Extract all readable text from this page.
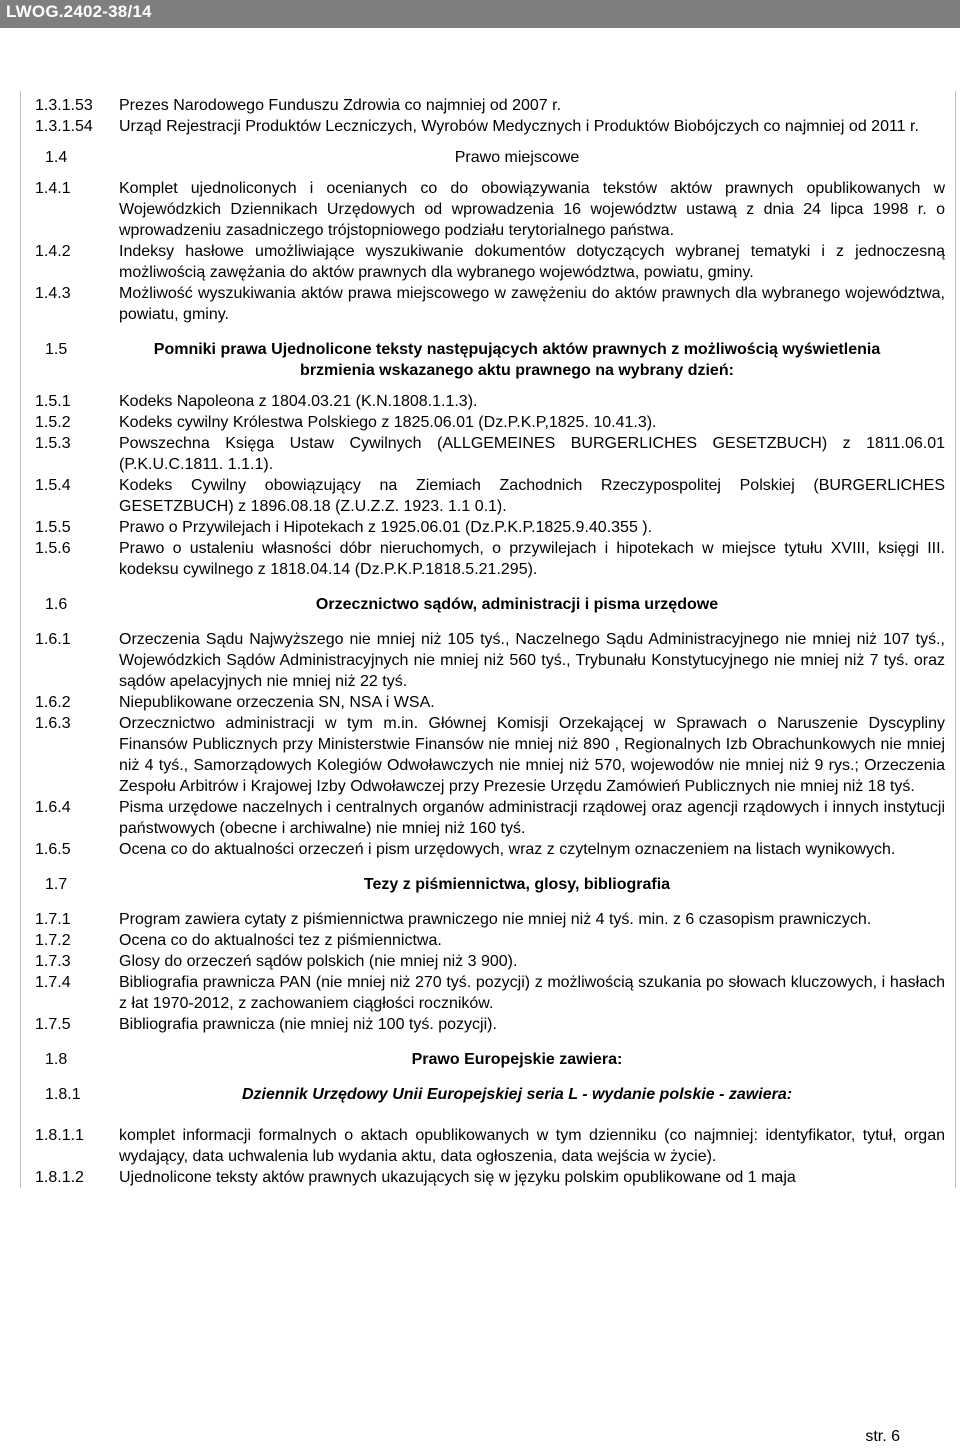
LWOG.2402-38/14
1.3.1.53	Prezes Narodowego Funduszu Zdrowia co najmniej od 2007 r.
1.3.1.54	Urząd Rejestracji Produktów Leczniczych, Wyrobów Medycznych i Produktów Biobójczych co najmniej od 2011 r.
1.4	Prawo miejscowe
1.4.1	Komplet ujednoliconych i ocenianych co do obowiązywania tekstów aktów prawnych opublikowanych w Wojewódzkich Dziennikach Urzędowych od wprowadzenia 16 województw ustawą z dnia 24 lipca 1998 r. o wprowadzeniu zasadniczego trójstopniowego podziału terytorialnego państwa.
1.4.2	Indeksy hasłowe umożliwiające wyszukiwanie dokumentów dotyczących wybranej tematyki i z jednoczesną możliwością zawężania do aktów prawnych dla wybranego województwa, powiatu, gminy.
1.4.3	Możliwość wyszukiwania aktów prawa miejscowego w zawężeniu do aktów prawnych dla wybranego województwa, powiatu, gminy.
1.5	Pomniki prawa Ujednolicone teksty następujących aktów prawnych z możliwością wyświetlenia brzmienia wskazanego aktu prawnego na wybrany dzień:
1.5.1	Kodeks Napoleona z 1804.03.21 (K.N.1808.1.1.3).
1.5.2	Kodeks cywilny Królestwa Polskiego z 1825.06.01 (Dz.P.K.P,1825. 10.41.3).
1.5.3	Powszechna Księga Ustaw Cywilnych (ALLGEMEINES BURGERLICHES GESETZBUCH) z 1811.06.01 (P.K.U.C.1811. 1.1.1).
1.5.4	Kodeks Cywilny obowiązujący na Ziemiach Zachodnich Rzeczypospolitej Polskiej (BURGERLICHES GESETZBUCH) z 1896.08.18 (Z.U.Z.Z. 1923. 1.1 0.1).
1.5.5	Prawo o Przywilejach i Hipotekach z 1925.06.01 (Dz.P.K.P.1825.9.40.355 ).
1.5.6	Prawo o ustaleniu własności dóbr nieruchomych, o przywilejach i hipotekach w miejsce tytułu XVIII, księgi III. kodeksu cywilnego z 1818.04.14 (Dz.P.K.P.1818.5.21.295).
1.6	Orzecznictwo sądów, administracji i pisma urzędowe
1.6.1	Orzeczenia Sądu Najwyższego nie mniej niż 105 tyś., Naczelnego Sądu Administracyjnego nie mniej niż 107 tyś., Wojewódzkich Sądów Administracyjnych nie mniej niż 560 tyś., Trybunału Konstytucyjnego nie mniej niż 7 tyś. oraz sądów apelacyjnych nie mniej niż 22 tyś.
1.6.2	Niepublikowane orzeczenia SN, NSA i WSA.
1.6.3	Orzecznictwo administracji w tym m.in. Głównej Komisji Orzekającej w Sprawach o Naruszenie Dyscypliny Finansów Publicznych przy Ministerstwie Finansów nie mniej niż 890 , Regionalnych Izb Obrachunkowych nie mniej niż 4 tyś., Samorządowych Kolegiów Odwoławczych nie mniej niż 570, wojewodów nie mniej niż 9 rys.; Orzeczenia Zespołu Arbitrów i Krajowej Izby Odwoławczej przy Prezesie Urzędu Zamówień Publicznych nie mniej niż 18 tyś.
1.6.4	Pisma urzędowe naczelnych i centralnych organów administracji rządowej oraz agencji rządowych i innych instytucji państwowych (obecne i archiwalne) nie mniej niż 160 tyś.
1.6.5	Ocena co do aktualności orzeczeń i pism urzędowych, wraz z czytelnym oznaczeniem na listach wynikowych.
1.7	Tezy z piśmiennictwa, glosy, bibliografia
1.7.1	Program zawiera cytaty z piśmiennictwa prawniczego nie mniej niż 4 tyś. min. z 6 czasopism prawniczych.
1.7.2	Ocena co do aktualności tez z piśmiennictwa.
1.7.3	Glosy do orzeczeń sądów polskich (nie mniej niż 3 900).
1.7.4	Bibliografia prawnicza PAN (nie mniej niż 270 tyś. pozycji) z możliwością szukania po słowach kluczowych, i hasłach z łat 1970-2012, z zachowaniem ciągłości roczników.
1.7.5	Bibliografia prawnicza (nie mniej niż 100 tyś. pozycji).
1.8	Prawo Europejskie zawiera:
1.8.1	Dziennik Urzędowy Unii Europejskiej seria L - wydanie polskie - zawiera:
1.8.1.1	komplet informacji formalnych o aktach opublikowanych w tym dzienniku (co najmniej: identyfikator, tytuł, organ wydający, data uchwalenia lub wydania aktu, data ogłoszenia, data wejścia w życie).
1.8.1.2	Ujednolicone teksty aktów prawnych ukazujących się w języku polskim opublikowane od 1 maja
str. 6
